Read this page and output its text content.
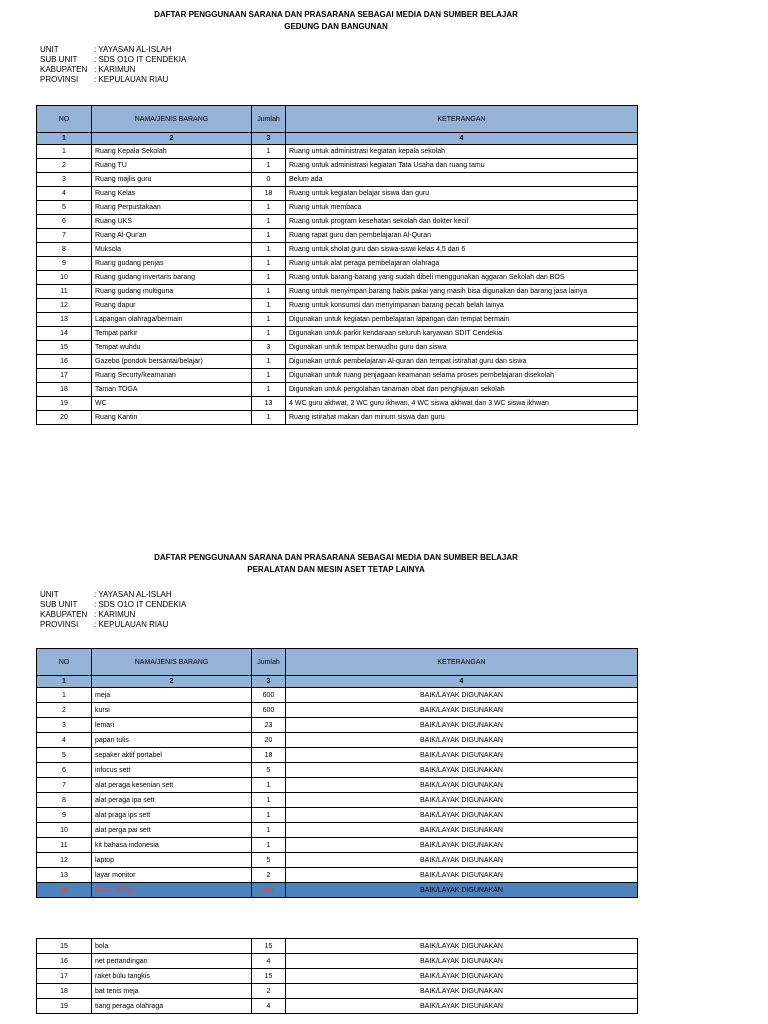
DAFTAR PENGGUNAAN SARANA DAN PRASARANA SEBAGAI MEDIA DAN SUMBER BELAJAR
GEDUNG DAN BANGUNAN
UNIT	: YAYASAN AL-ISLAH
SUB UNIT	: SDS O1O IT CENDEKIA
KABUPATEN : KARIMUN
PROVINSI	: KEPULAUAN RIAU
NO	NAMA/JENIS BARANG	Jumlah	KETERANGAN
1	2	3	4
1	Ruang Kepala Sekolah	1	Ruang untuk administrasi kegiatan kepala sekolah
2	Ruang TU	1	Ruang untuk administrasi kegiatan Tata Usaha dan ruang tamu
3	Ruang majlis guru	0	Belum ada
4	Ruang Kelas	18	Ruang untuk kegiatan belajar siswa dan guru
5	Ruang Perpustakaan	1	Ruang untuk membaca
6	Ruang UKS	1	Ruang untuk program kesehatan sekolah dan dokter kecil
7	Ruang Al-Qur'an	1	Ruang rapat guru dan pembelajaran Al-Quran
8	Muksola	1	Ruang untuk sholat guru dan siswa-siswi kelas 4,5 dan 6
9	Ruang gudang penjas	1	Ruang untuk alat peraga pembelajaran olahraga
10	Ruang gudang invertaris barang	1	Ruang untuk barang-barang yang sudah dibeli menggunakan aggaran Sekolah dan BOS
11	Ruang gudang multiguna	1	Ruang untuk menyimpan barang habis pakai yang masih bisa digunakan dan barang jasa lainya
12	Ruang dapur	1	Ruang untuk konsumsi dan menyimpanan barang pecah belah lainya
13	Lapangan olahraga/bermain	1	Digunakan untuk kegiatan pembelajaran lapangan dan tempat bermain
14	Tempat parkir	1	Digunakan untuk parkir kendaraan seluruh karyawan SDIT Cendekia
15	Tempat wuhdu	3	Digunakan untuk tempat berwudhu guru dan siswa
16	Gazebo (pondok bersantai/belajar)	1	Digunakan untuk pembelajaran Al-quran dan tempat istirahat guru dan siswa
17	Ruang Securty/keamanan	1	Digunakan untuk ruang penjagaan keamanan selama proses pembelajaran disekolah
18	Taman TOGA	1	Digunakan untuk pengolahan tanaman obat dan penghijauan sekolah
19	WC	13	4 WC guru akhwat, 2 WC guru ikhwan, 4 WC siswa akhwat dan 3 WC siswa ikhwan
20	Ruang Kantin	1	Ruang istirahat makan dan minum siswa dan guru
DAFTAR PENGGUNAAN SARANA DAN PRASARANA SEBAGAI MEDIA DAN SUMBER BELAJAR
PERALATAN DAN MESIN ASET TETAP LAINYA
UNIT	: YAYASAN AL-ISLAH
SUB UNIT	: SDS O1O IT CENDEKIA
KABUPATEN : KARIMUN
PROVINSI	: KEPULAUAN RIAU
NO	NAMA/JENIS BARANG	Jumlah	KETERANGAN
1	2	3	4
1	meja	600	BAIK/LAYAK DIGUNAKAN
2	kursi	600	BAIK/LAYAK DIGUNAKAN
3	lemari	23	BAIK/LAYAK DIGUNAKAN
4	papan tulis	20	BAIK/LAYAK DIGUNAKAN
5	sepaker aktif portabel	18	BAIK/LAYAK DIGUNAKAN
6	infocus sett	5	BAIK/LAYAK DIGUNAKAN
7	alat peraga kesenian sett	1	BAIK/LAYAK DIGUNAKAN
8	alat peraga ipa sett	1	BAIK/LAYAK DIGUNAKAN
9	alat praga ips sett	1	BAIK/LAYAK DIGUNAKAN
10	alat perga pai sett	1	BAIK/LAYAK DIGUNAKAN
11	kit bahasa indonesia	1	BAIK/LAYAK DIGUNAKAN
12	laptop	5	BAIK/LAYAK DIGUNAKAN
13	layar monitor	2	BAIK/LAYAK DIGUNAKAN
14	Buku lainya	448	BAIK/LAYAK DIGUNAKAN
15	bola	15	BAIK/LAYAK DIGUNAKAN
16	net pertandingan	4	BAIK/LAYAK DIGUNAKAN
17	raket bulu tangkis	15	BAIK/LAYAK DIGUNAKAN
18	bat tenis meja	2	BAIK/LAYAK DIGUNAKAN
19	tiang peraga olahraga	4	BAIK/LAYAK DIGUNAKAN
